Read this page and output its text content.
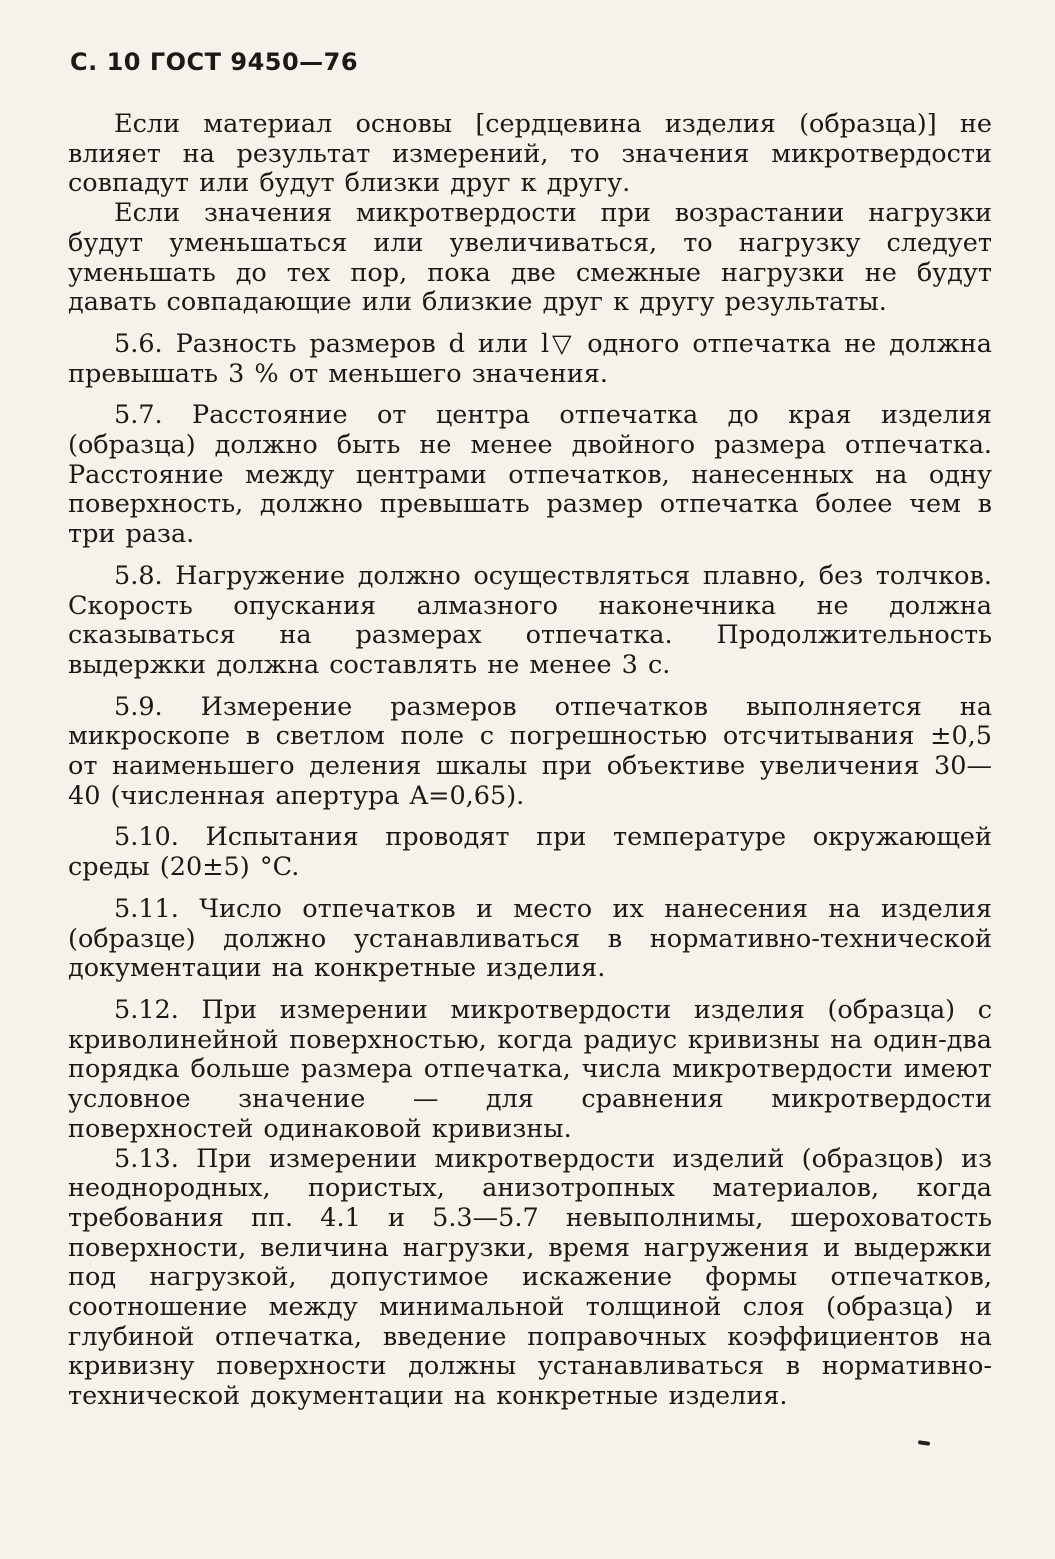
С. 10 ГОСТ 9450—76

Если материал основы [сердцевина изделия (образца)] не влияет на результат измерений, то значения микротвердости совпадут или будут близки друг к другу.

Если значения микротвердости при возрастании нагрузки будут уменьшаться или увеличиваться, то нагрузку следует уменьшать до тех пор, пока две смежные нагрузки не будут давать совпадающие или близкие друг к другу результаты.

5.6. Разность размеров d или l▽ одного отпечатка не должна превышать 3 % от меньшего значения.

5.7. Расстояние от центра отпечатка до края изделия (образца) должно быть не менее двойного размера отпечатка. Расстояние между центрами отпечатков, нанесенных на одну поверхность, должно превышать размер отпечатка более чем в три раза.

5.8. Нагружение должно осуществляться плавно, без толчков. Скорость опускания алмазного наконечника не должна сказываться на размерах отпечатка. Продолжительность выдержки должна составлять не менее 3 с.

5.9. Измерение размеров отпечатков выполняется на микроскопе в светлом поле с погрешностью отсчитывания ±0,5 от наименьшего деления шкалы при объективе увеличения 30—40 (численная апертура A=0,65).

5.10. Испытания проводят при температуре окружающей среды (20±5) °C.

5.11. Число отпечатков и место их нанесения на изделия (образце) должно устанавливаться в нормативно-технической документации на конкретные изделия.

5.12. При измерении микротвердости изделия (образца) с криволинейной поверхностью, когда радиус кривизны на один-два порядка больше размера отпечатка, числа микротвердости имеют условное значение — для сравнения микротвердости поверхностей одинаковой кривизны.

5.13. При измерении микротвердости изделий (образцов) из неоднородных, пористых, анизотропных материалов, когда требования пп. 4.1 и 5.3—5.7 невыполнимы, шероховатость поверхности, величина нагрузки, время нагружения и выдержки под нагрузкой, допустимое искажение формы отпечатков, соотношение между минимальной толщиной слоя (образца) и глубиной отпечатка, введение поправочных коэффициентов на кривизну поверхности должны устанавливаться в нормативно-технической документации на конкретные изделия.
